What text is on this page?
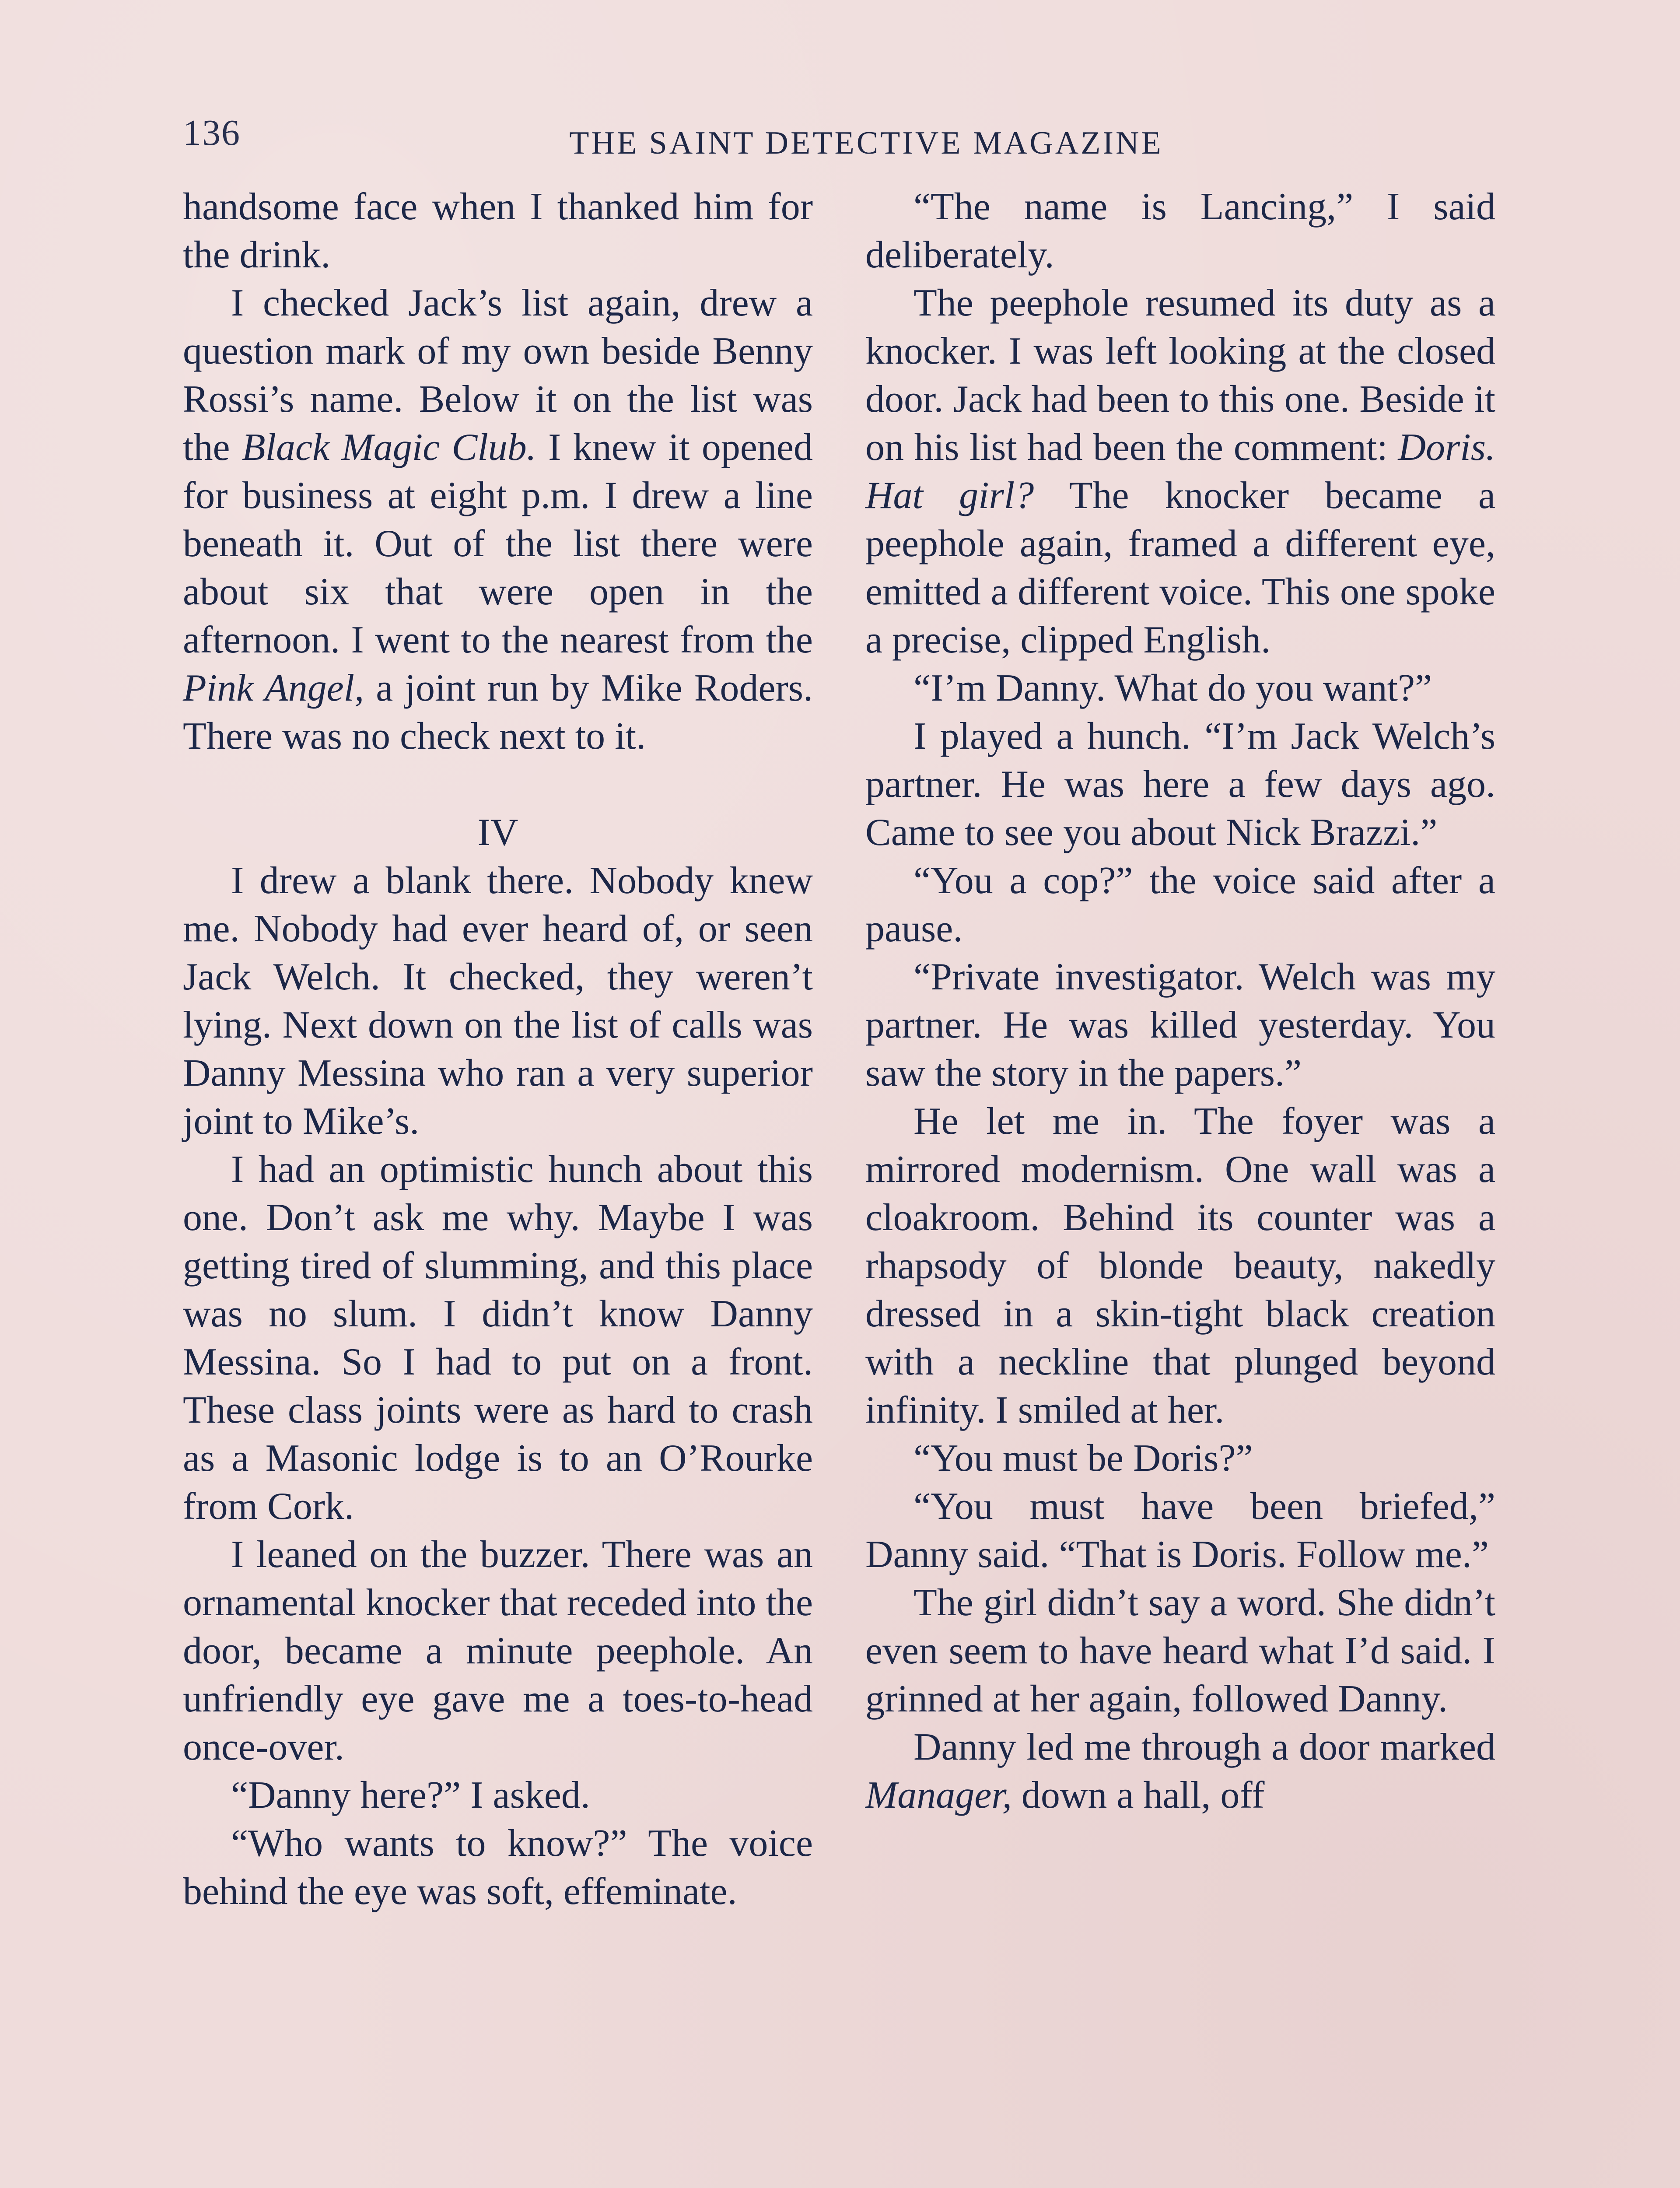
136	THE SAINT DETECTIVE MAGAZINE

handsome face when I thanked him for the drink.

I checked Jack’s list again, drew a question mark of my own beside Benny Rossi’s name. Below it on the list was the Black Magic Club. I knew it opened for business at eight p.m. I drew a line beneath it. Out of the list there were about six that were open in the afternoon. I went to the nearest from the Pink Angel, a joint run by Mike Roders. There was no check next to it.

IV

I drew a blank there. Nobody knew me. Nobody had ever heard of, or seen Jack Welch. It checked, they weren’t lying. Next down on the list of calls was Danny Messina who ran a very superior joint to Mike’s.

I had an optimistic hunch about this one. Don’t ask me why. Maybe I was getting tired of slumming, and this place was no slum. I didn’t know Danny Messina. So I had to put on a front. These class joints were as hard to crash as a Masonic lodge is to an O’Rourke from Cork.

I leaned on the buzzer. There was an ornamental knocker that receded into the door, became a minute peephole. An unfriendly eye gave me a toes-to-head once-over.

“Danny here?” I asked.

“Who wants to know?” The voice behind the eye was soft, effeminate.

“The name is Lancing,” I said deliberately.

The peephole resumed its duty as a knocker. I was left looking at the closed door. Jack had been to this one. Beside it on his list had been the comment: Doris. Hat girl? The knocker became a peephole again, framed a different eye, emitted a different voice. This one spoke a precise, clipped English.

“I’m Danny. What do you want?”

I played a hunch. “I’m Jack Welch’s partner. He was here a few days ago. Came to see you about Nick Brazzi.”

“You a cop?” the voice said after a pause.

“Private investigator. Welch was my partner. He was killed yesterday. You saw the story in the papers.”

He let me in. The foyer was a mirrored modernism. One wall was a cloakroom. Behind its counter was a rhapsody of blonde beauty, nakedly dressed in a skin-tight black creation with a neckline that plunged beyond infinity. I smiled at her.

“You must be Doris?”

“You must have been briefed,” Danny said. “That is Doris. Follow me.”

The girl didn’t say a word. She didn’t even seem to have heard what I’d said. I grinned at her again, followed Danny.

Danny led me through a door marked Manager, down a hall, off
